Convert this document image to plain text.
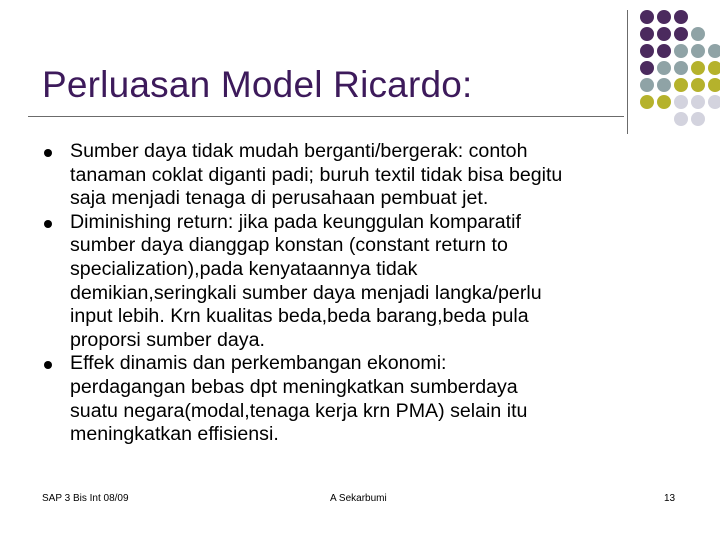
Perluasan Model Ricardo:
Sumber daya tidak mudah berganti/bergerak: contoh
tanaman coklat diganti padi; buruh textil tidak bisa begitu
saja menjadi tenaga di perusahaan pembuat jet.
Diminishing return: jika pada keunggulan komparatif
sumber daya dianggap konstan (constant return to
specialization),pada kenyataannya tidak
demikian,seringkali sumber daya menjadi langka/perlu
input lebih. Krn kualitas beda,beda barang,beda pula
proporsi sumber daya.
Effek dinamis dan perkembangan ekonomi:
perdagangan bebas dpt meningkatkan sumberdaya
suatu negara(modal,tenaga kerja krn PMA) selain itu
meningkatkan effisiensi.
SAP 3 Bis Int 08/09	A Sekarbumi	13
